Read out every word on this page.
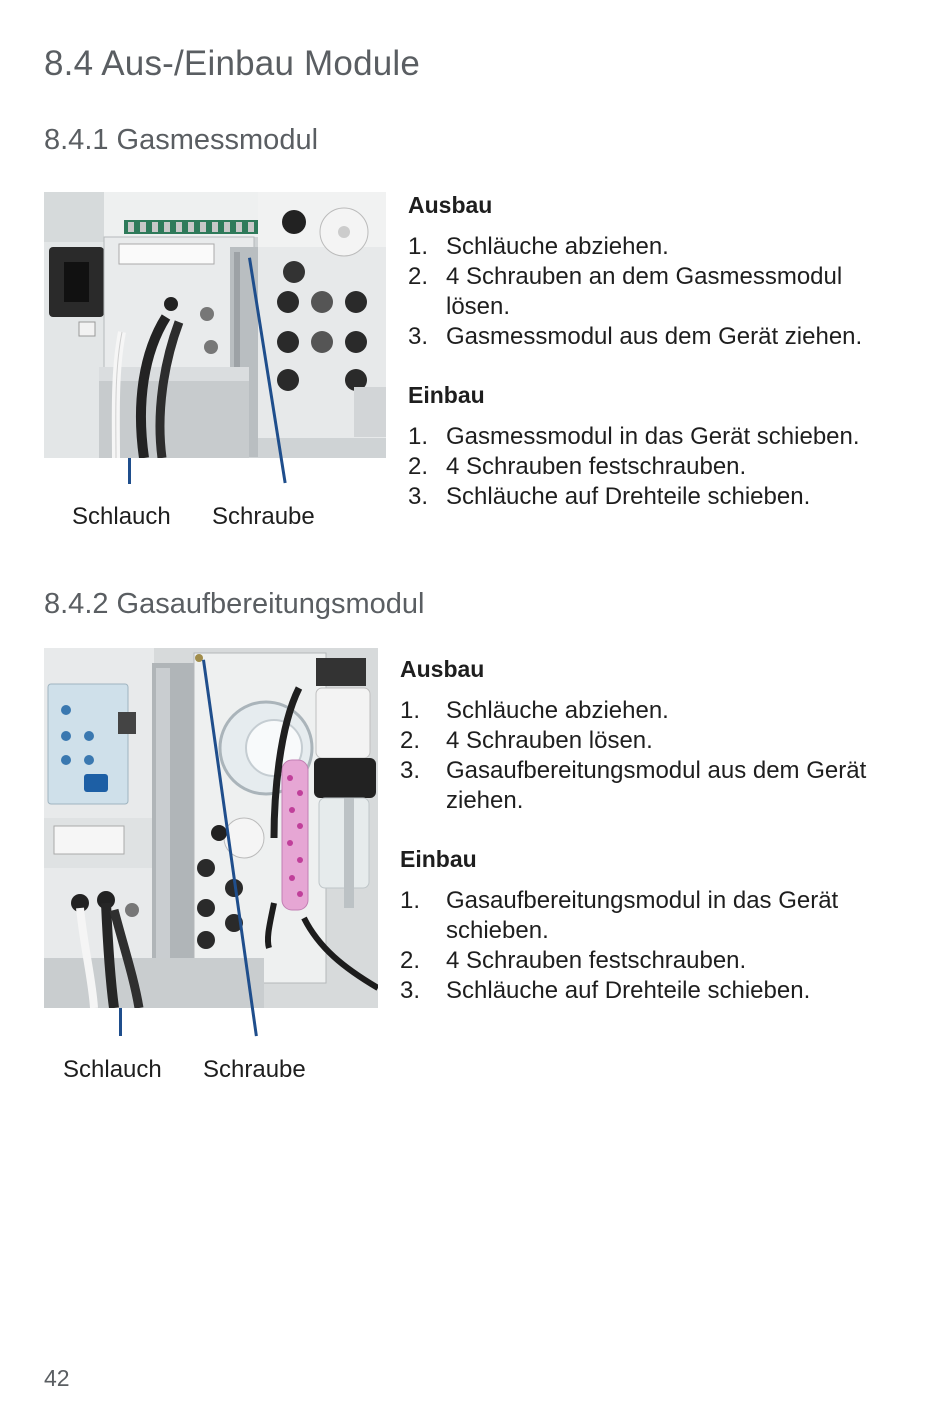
8.4 Aus-/Einbau Module
8.4.1 Gasmessmodul
Schlauch Schraube
Ausbau
1. Schläuche abziehen.
2. 4 Schrauben an dem Gasmessmodul lösen.
3. Gasmessmodul aus dem Gerät ziehen.
Einbau
1. Gasmessmodul in das Gerät schieben.
2. 4 Schrauben festschrauben.
3. Schläuche auf Drehteile schieben.
8.4.2 Gasaufbereitungsmodul
Schlauch Schraube
Ausbau
1.	Schläuche abziehen.
2.	4 Schrauben lösen.
3.	Gasaufbereitungsmodul aus dem Gerät ziehen.
Einbau
1.	Gasaufbereitungsmodul in das Gerät schieben.
2.	4 Schrauben festschrauben.
3.	Schläuche auf Drehteile schieben.
42
